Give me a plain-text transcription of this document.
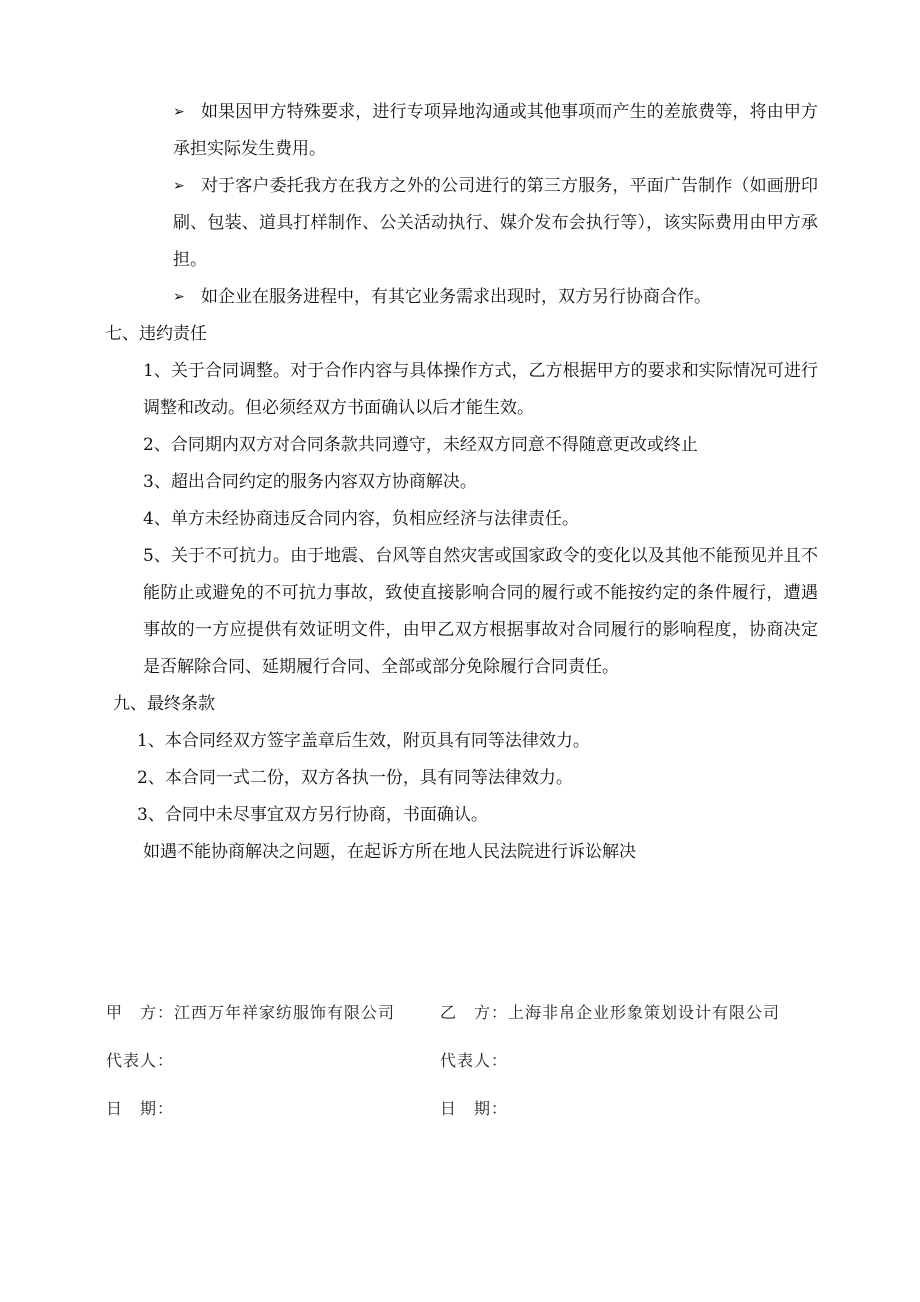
➢ 如果因甲方特殊要求，进行专项异地沟通或其他事项而产生的差旅费等，将由甲方承担实际发生费用。
➢ 对于客户委托我方在我方之外的公司进行的第三方服务，平面广告制作（如画册印刷、包装、道具打样制作、公关活动执行、媒介发布会执行等），该实际费用由甲方承担。
➢ 如企业在服务进程中，有其它业务需求出现时，双方另行协商合作。
七、违约责任
1、关于合同调整。对于合作内容与具体操作方式，乙方根据甲方的要求和实际情况可进行调整和改动。但必须经双方书面确认以后才能生效。
2、合同期内双方对合同条款共同遵守，未经双方同意不得随意更改或终止
3、超出合同约定的服务内容双方协商解决。
4、单方未经协商违反合同内容，负相应经济与法律责任。
5、关于不可抗力。由于地震、台风等自然灾害或国家政令的变化以及其他不能预见并且不能防止或避免的不可抗力事故，致使直接影响合同的履行或不能按约定的条件履行，遭遇事故的一方应提供有效证明文件，由甲乙双方根据事故对合同履行的影响程度，协商决定是否解除合同、延期履行合同、全部或部分免除履行合同责任。
九、最终条款
1、本合同经双方签字盖章后生效，附页具有同等法律效力。
2、本合同一式二份，双方各执一份，具有同等法律效力。
3、合同中未尽事宜双方另行协商，书面确认。
如遇不能协商解决之问题，在起诉方所在地人民法院进行诉讼解决
甲　方：江西万年祥家纺服饰有限公司	乙　方：上海非帛企业形象策划设计有限公司
代表人：	代表人：
日　期：	日　期：
